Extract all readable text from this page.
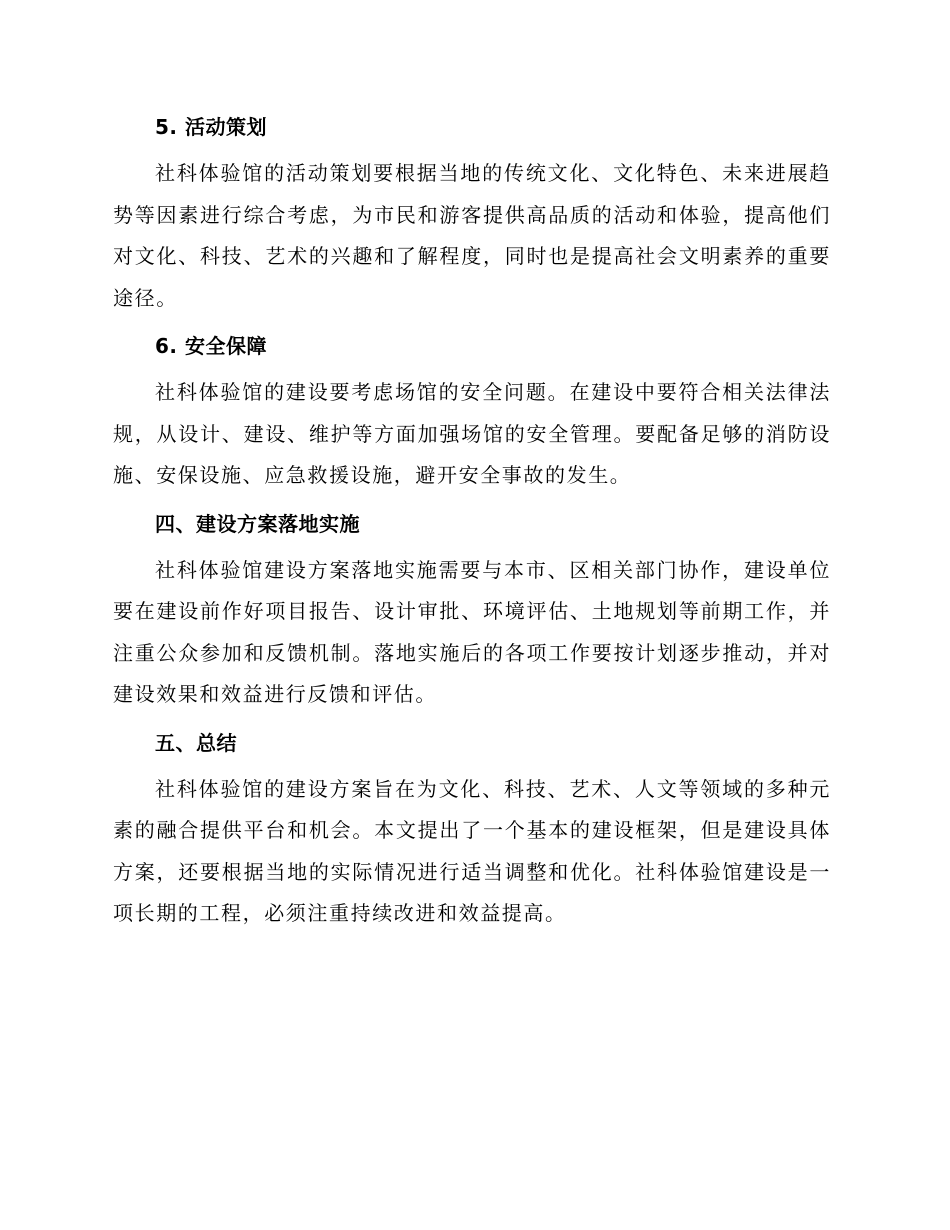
5. 活动策划
社科体验馆的活动策划要根据当地的传统文化、文化特色、未来进展趋势等因素进行综合考虑，为市民和游客提供高品质的活动和体验，提高他们对文化、科技、艺术的兴趣和了解程度，同时也是提高社会文明素养的重要途径。
6. 安全保障
社科体验馆的建设要考虑场馆的安全问题。在建设中要符合相关法律法规，从设计、建设、维护等方面加强场馆的安全管理。要配备足够的消防设施、安保设施、应急救援设施，避开安全事故的发生。
四、建设方案落地实施
社科体验馆建设方案落地实施需要与本市、区相关部门协作，建设单位要在建设前作好项目报告、设计审批、环境评估、土地规划等前期工作，并注重公众参加和反馈机制。落地实施后的各项工作要按计划逐步推动，并对建设效果和效益进行反馈和评估。
五、总结
社科体验馆的建设方案旨在为文化、科技、艺术、人文等领域的多种元素的融合提供平台和机会。本文提出了一个基本的建设框架，但是建设具体方案，还要根据当地的实际情况进行适当调整和优化。社科体验馆建设是一项长期的工程，必须注重持续改进和效益提高。
